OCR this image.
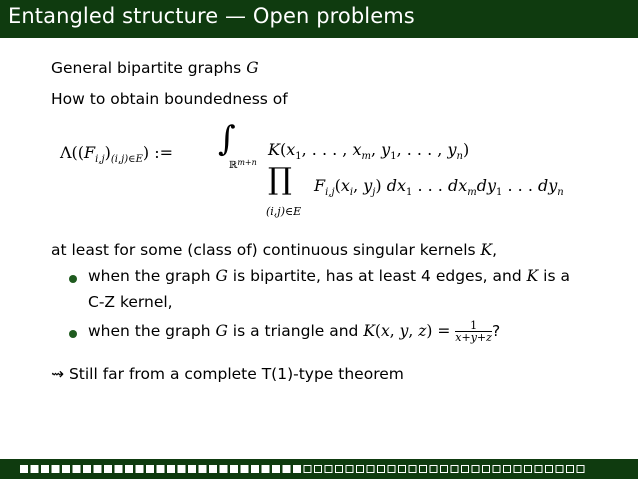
Entangled structure — Open problems
General bipartite graphs G
How to obtain boundedness of
$\Lambda((F_{i,j})_{(i,j)\in E})$ := ∫
ℝ$^{m+n}$
$K(x_1$, . . . , $x_m$, $y_1$, . . . , $y_n$)
∏
(i,j)∈E
$F_{i,j}(x_i$, $y_j$) $dx_1$ . . . $dx_mdy_1$ . . . $dy_n$
at least for some (class of) continuous singular kernels K,
when the graph G is bipartite, has at least 4 edges, and K is a
C-Z kernel,
when the graph G is a triangle and K(x, y, $z) = \frac{1}{x+y+z}$ ?
⇝ Still far from a complete T(1)-type theorem
